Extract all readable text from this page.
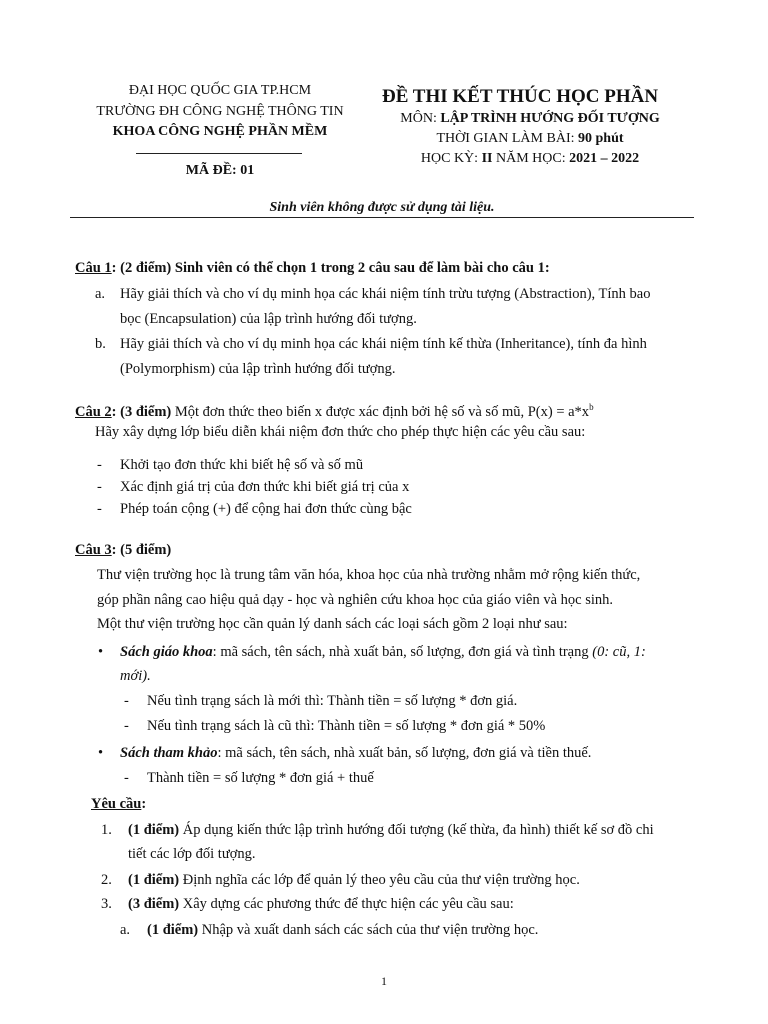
ĐẠI HỌC QUỐC GIA TP.HCM
TRƯỜNG ĐH CÔNG NGHỆ THÔNG TIN
KHOA CÔNG NGHỆ PHẦN MỀM
MÃ ĐỀ: 01
ĐỀ THI KẾT THÚC HỌC PHẦN
MÔN: LẬP TRÌNH HƯỚNG ĐỐI TƯỢNG
THỜI GIAN LÀM BÀI: 90 phút
HỌC KỲ: II NĂM HỌC: 2021 – 2022
Sinh viên không được sử dụng tài liệu.
Câu 1: (2 điểm) Sinh viên có thể chọn 1 trong 2 câu sau để làm bài cho câu 1:
a. Hãy giải thích và cho ví dụ minh họa các khái niệm tính trừu tượng (Abstraction), Tính bao
bọc (Encapsulation) của lập trình hướng đối tượng.
b. Hãy giải thích và cho ví dụ minh họa các khái niệm tính kế thừa (Inheritance), tính đa hình
(Polymorphism) của lập trình hướng đối tượng.
Câu 2: (3 điểm) Một đơn thức theo biến x được xác định bởi hệ số và số mũ, $P(x) = a*x^b$
Hãy xây dựng lớp biểu diễn khái niệm đơn thức cho phép thực hiện các yêu cầu sau:
- Khởi tạo đơn thức khi biết hệ số và số mũ
- Xác định giá trị của đơn thức khi biết giá trị của x
- Phép toán cộng (+) để cộng hai đơn thức cùng bậc
Câu 3: (5 điểm)
Thư viện trường học là trung tâm văn hóa, khoa học của nhà trường nhằm mở rộng kiến thức,
góp phần nâng cao hiệu quả dạy - học và nghiên cứu khoa học của giáo viên và học sinh.
Một thư viện trường học cần quản lý danh sách các loại sách gồm 2 loại như sau:
• Sách giáo khoa: mã sách, tên sách, nhà xuất bản, số lượng, đơn giá và tình trạng (0: cũ, 1:
mới).
- Nếu tình trạng sách là mới thì: Thành tiền = số lượng * đơn giá.
- Nếu tình trạng sách là cũ thì: Thành tiền = số lượng * đơn giá * 50%
• Sách tham khảo: mã sách, tên sách, nhà xuất bản, số lượng, đơn giá và tiền thuế.
- Thành tiền = số lượng * đơn giá + thuế
Yêu cầu:
1. (1 điểm) Áp dụng kiến thức lập trình hướng đối tượng (kế thừa, đa hình) thiết kế sơ đồ chi
tiết các lớp đối tượng.
2. (1 điểm) Định nghĩa các lớp để quản lý theo yêu cầu của thư viện trường học.
3. (3 điểm) Xây dựng các phương thức để thực hiện các yêu cầu sau:
a. (1 điểm) Nhập và xuất danh sách các sách của thư viện trường học.
1
